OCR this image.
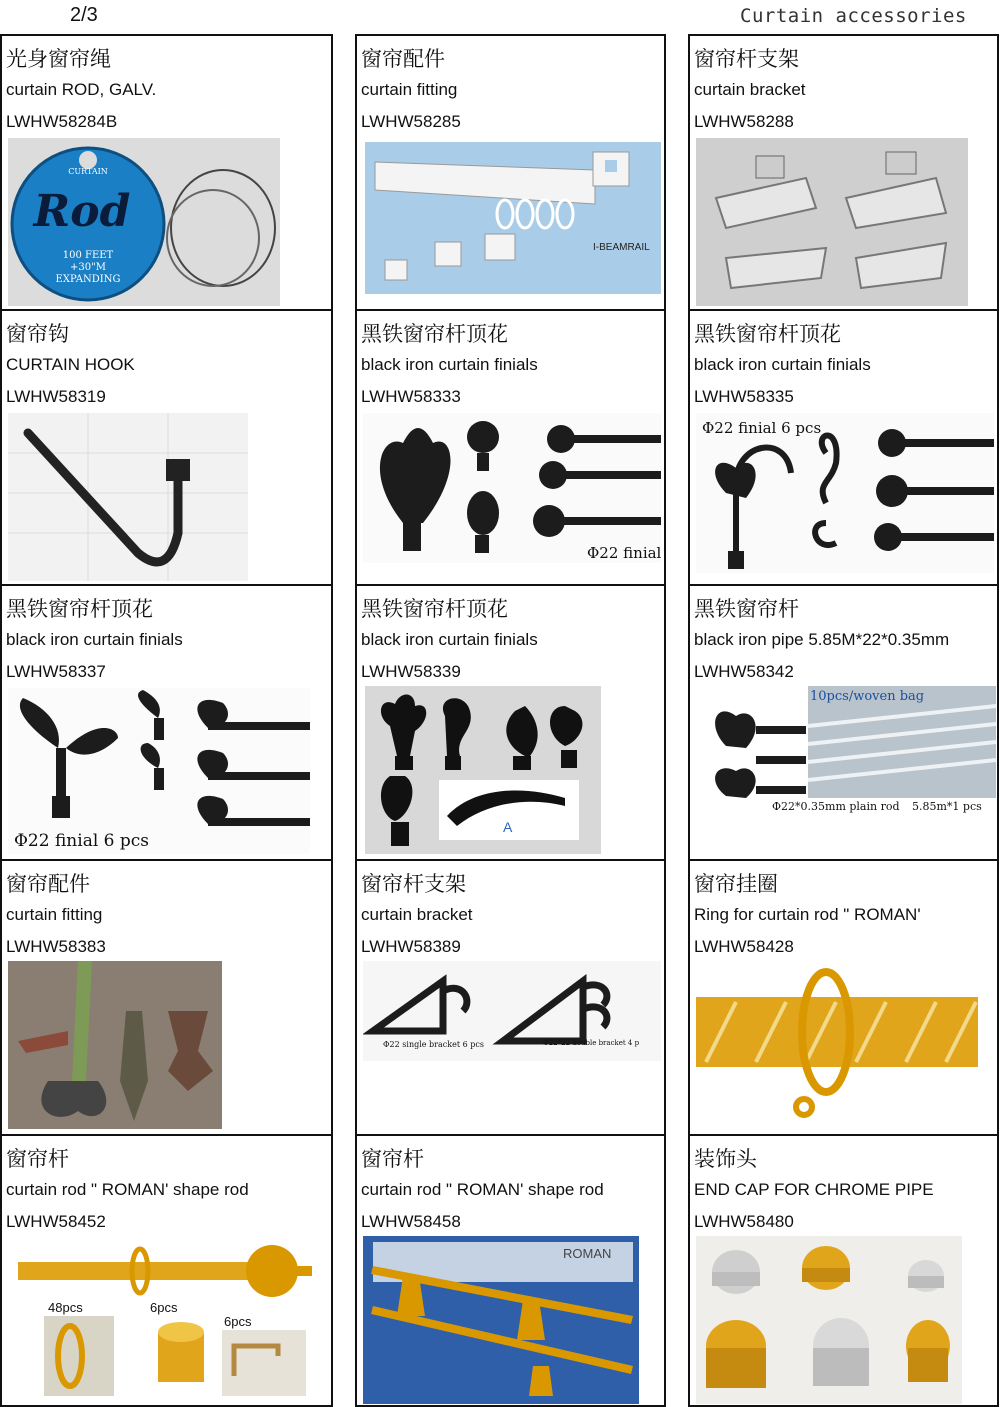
2/3	Curtain accessories
光身窗帘绳
curtain ROD, GALV.
LWHW58284B
CURTAIN
Rod
100 FEET
+30"M
EXPANDING
窗帘配件
curtain fitting
LWHW58285
I-BEAMRAIL
窗帘杆支架
curtain bracket
LWHW58288
窗帘钩
CURTAIN HOOK
LWHW58319
黑铁窗帘杆顶花
black iron curtain finials
LWHW58333
Φ22 finial
黑铁窗帘杆顶花
black iron curtain finials
LWHW58335
Φ22 finial 6 pcs
黑铁窗帘杆顶花
black iron curtain finials
LWHW58337
Φ22 finial 6 pcs
黑铁窗帘杆顶花
black iron curtain finials
LWHW58339
A
黑铁窗帘杆
black iron pipe 5.85M*22*0.35mm
LWHW58342
10pcs/woven bag
Φ22*0.35mm plain rod 5.85m*1 pcs
窗帘配件
curtain fitting
LWHW58383
窗帘杆支架
curtain bracket
LWHW58389
Φ22 single bracket 6 pcs	Φ22*22 double bracket 4 p
窗帘挂圈
Ring for curtain rod " ROMAN'
LWHW58428
窗帘杆
curtain rod " ROMAN' shape rod
LWHW58452
48pcs	6pcs
6pcs
窗帘杆
curtain rod " ROMAN' shape rod
LWHW58458
ROMAN
装饰头
END CAP FOR CHROME PIPE
LWHW58480
